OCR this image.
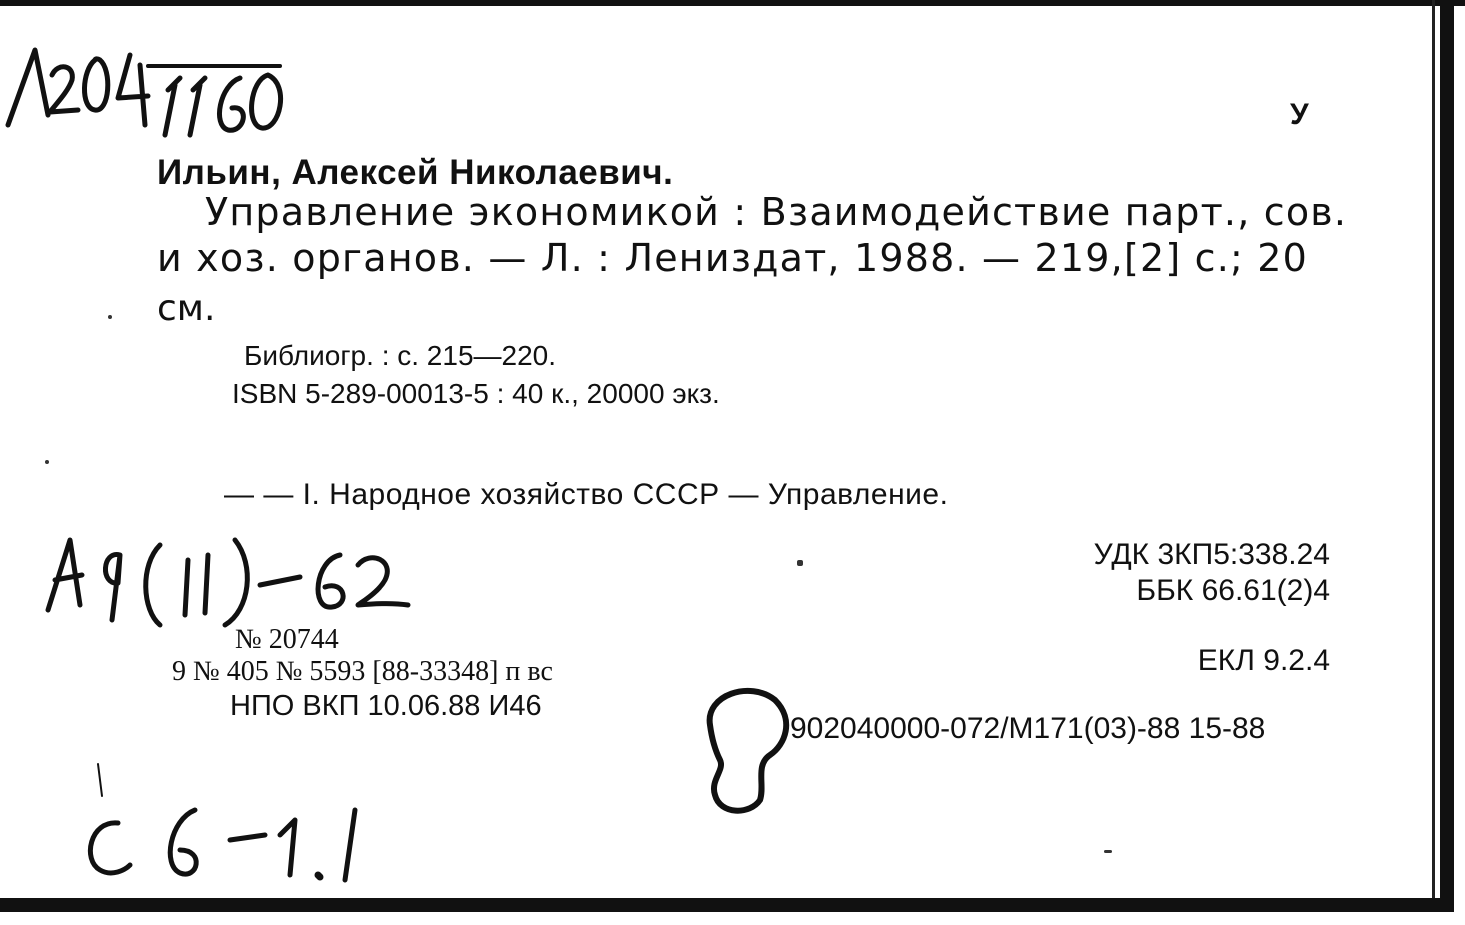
У
Ильин, Алексей Николаевич.
Управление экономикой : Взаимодействие парт., сов.
и хоз. органов. — Л. : Лениздат, 1988. — 219,[2] с.; 20
см.
Библиогр. : с. 215—220.
ISBN 5-289-00013-5 : 40 к., 20000 экз.
— — I. Народное хозяйство СССР — Управление.
УДК 3КП5:338.24
ББК 66.61(2)4
№ 20744
9 № 405 № 5593 [88-33348] п вс
НПО ВКП 10.06.88 И46
ЕКЛ 9.2.4
902040000-072/М171(03)-88 15-88
